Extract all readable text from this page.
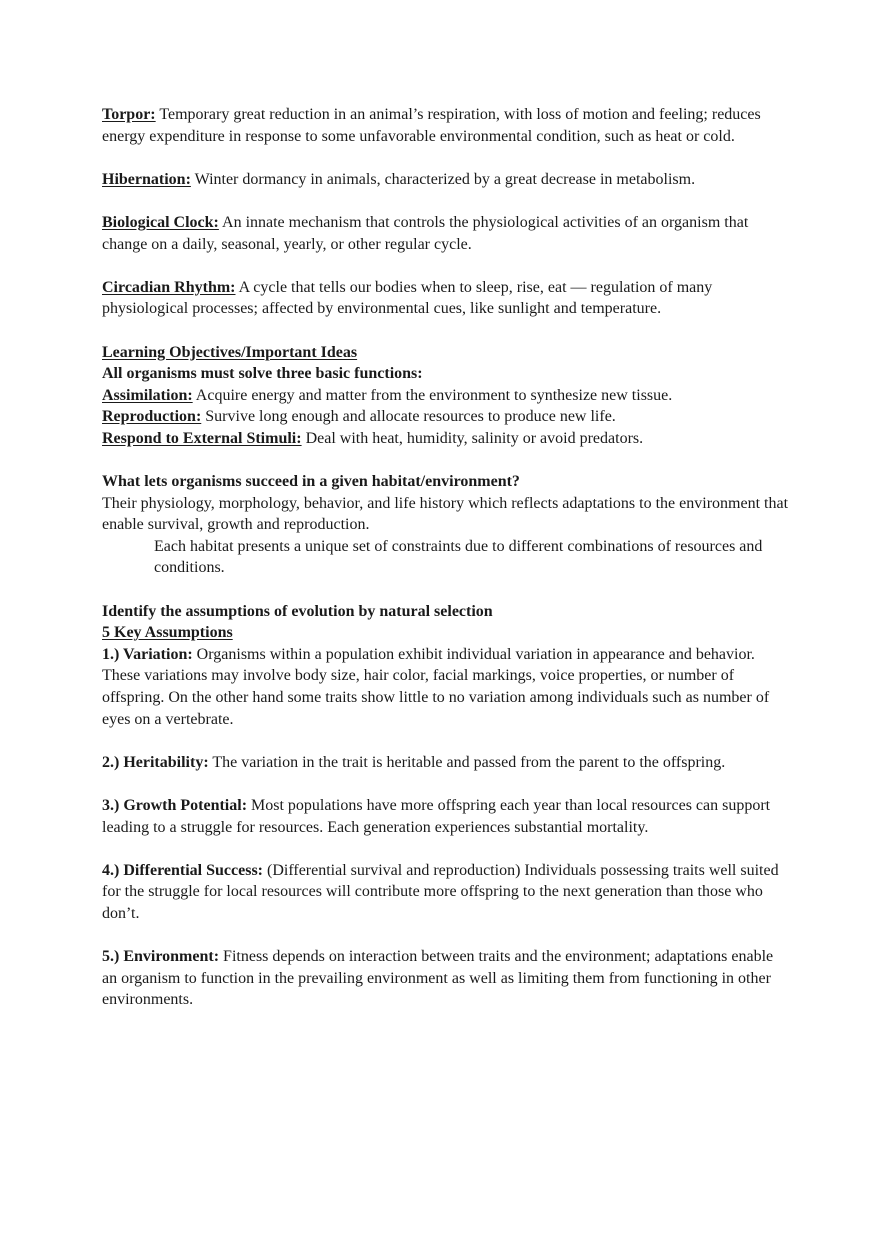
Torpor: Temporary great reduction in an animal’s respiration, with loss of motion and feeling; reduces energy expenditure in response to some unfavorable environmental condition, such as heat or cold.

Hibernation: Winter dormancy in animals, characterized by a great decrease in metabolism.

Biological Clock: An innate mechanism that controls the physiological activities of an organism that change on a daily, seasonal, yearly, or other regular cycle.

Circadian Rhythm: A cycle that tells our bodies when to sleep, rise, eat — regulation of many physiological processes; affected by environmental cues, like sunlight and temperature.

Learning Objectives/Important Ideas

All organisms must solve three basic functions:

Assimilation: Acquire energy and matter from the environment to synthesize new tissue.

Reproduction: Survive long enough and allocate resources to produce new life.

Respond to External Stimuli: Deal with heat, humidity, salinity or avoid predators.

What lets organisms succeed in a given habitat/environment?

Their physiology, morphology, behavior, and life history which reflects adaptations to the environment that enable survival, growth and reproduction.

Each habitat presents a unique set of constraints due to different combinations of resources and conditions.

Identify the assumptions of evolution by natural selection

5 Key Assumptions

1.) Variation: Organisms within a population exhibit individual variation in appearance and behavior. These variations may involve body size, hair color, facial markings, voice properties, or number of offspring. On the other hand some traits show little to no variation among individuals such as number of eyes on a vertebrate.

2.) Heritability: The variation in the trait is heritable and passed from the parent to the offspring.

3.) Growth Potential: Most populations have more offspring each year than local resources can support leading to a struggle for resources. Each generation experiences substantial mortality.

4.) Differential Success: (Differential survival and reproduction) Individuals possessing traits well suited for the struggle for local resources will contribute more offspring to the next generation than those who don’t.

5.) Environment: Fitness depends on interaction between traits and the environment; adaptations enable an organism to function in the prevailing environment as well as limiting them from functioning in other environments.
